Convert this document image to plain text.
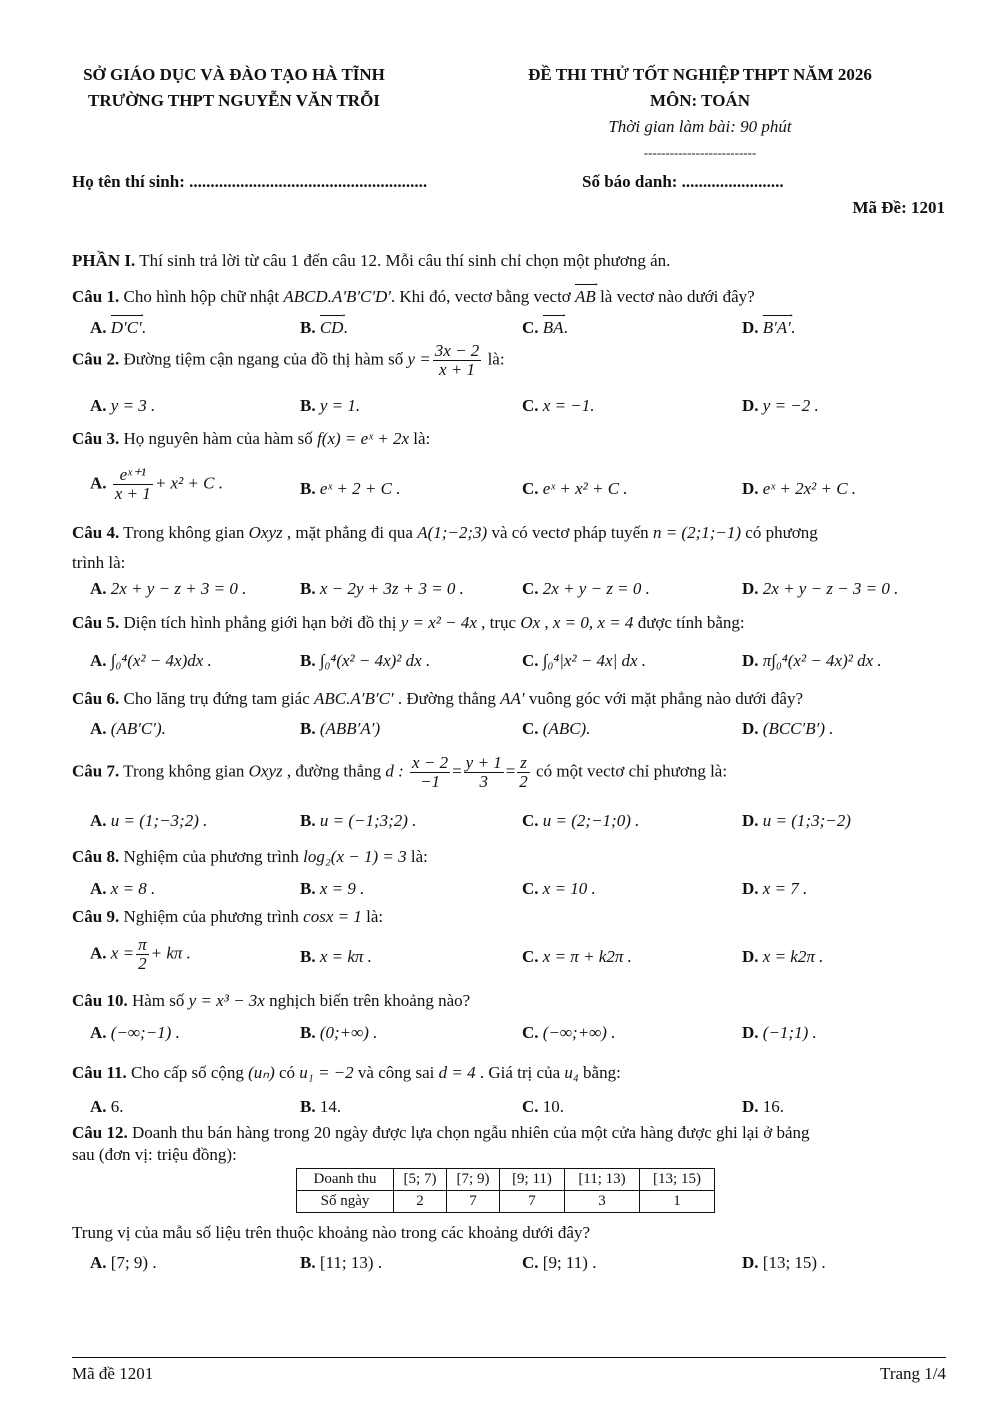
SỞ GIÁO DỤC VÀ ĐÀO TẠO HÀ TĨNH
TRƯỜNG THPT NGUYỄN VĂN TRỖI
ĐỀ THI THỬ TỐT NGHIỆP THPT NĂM 2026
MÔN: TOÁN
Thời gian làm bài: 90 phút
--------------------------
Họ tên thí sinh: ........................................................	Số báo danh: ........................
Mã Đề: 1201
PHẦN I. Thí sinh trả lời từ câu 1 đến câu 12. Mỗi câu thí sinh chỉ chọn một phương án.
Câu 1. Cho hình hộp chữ nhật ABCD.A'B'C'D'. Khi đó, vectơ bằng vectơ AB → là vectơ nào dưới đây?
A. D'C' →.	B. CD →.	C. BA →.	D. B'A' →.
Câu 2. Đường tiệm cận ngang của đồ thị hàm số $y = \frac{3x - 2}{x + 1}$ là:
A. y = 3 .	B. y = 1.	C. x = −1.	D. y = −2 .
Câu 3. Họ nguyên hàm của hàm số f(x) = eˣ + 2x là:
A. $\frac{\text{eˣ⁺¹}}{x + 1} + x^2 + C$ .	B. eˣ + 2 + C .	C. eˣ + x² + C .	D. eˣ + 2x² + C .
Câu 4. Trong không gian Oxyz , mặt phẳng đi qua A(1;−2;3) và có vectơ pháp tuyến n = (2;1;−1) có phương
trình là:
A. 2x + y − z + 3 = 0 .	B. x − 2y + 3z + 3 = 0 .	C. 2x + y − z = 0 .	D. 2x + y − z − 3 = 0 .
Câu 5. Diện tích hình phẳng giới hạn bởi đồ thị y = x² − 4x , trục Ox , x = 0, x = 4 được tính bằng:
A. ∫₀⁴(x² − 4x)dx .	B. ∫₀⁴(x² − 4x)² dx .	C. ∫₀⁴|x² − 4x| dx .	D. π∫₀⁴(x² − 4x)² dx .
Câu 6. Cho lăng trụ đứng tam giác ABC.A′B′C′ . Đường thẳng AA′ vuông góc với mặt phẳng nào dưới đây?
A. (AB′C′).	B. (ABB′A′)	C. (ABC).	D. (BCC′B′) .
Câu 7. Trong không gian Oxyz , đường thẳng d : $\frac{x - 2}{-1} = \frac{y + 1}{3} = \frac{z}{2}$ có một vectơ chỉ phương là:
A. u = (1;−3;2) .	B. u = (−1;3;2) .	C. u = (2;−1;0) .	D. u = (1;3;−2)
Câu 8. Nghiệm của phương trình log₂(x − 1) = 3 là:
A. x = 8 .	B. x = 9 .	C. x = 10 .	D. x = 7 .
Câu 9. Nghiệm của phương trình cosx = 1 là:
A. $x = \frac{\pi}{2} + k\pi$ .	B. x = kπ .	C. x = π + k2π .	D. x = k2π .
Câu 10. Hàm số y = x³ − 3x nghịch biến trên khoảng nào?
A. (−∞;−1) .	B. (0;+∞) .	C. (−∞;+∞) .	D. (−1;1) .
Câu 11. Cho cấp số cộng (uₙ) có u₁ = −2 và công sai d = 4 . Giá trị của u₄ bằng:
A. 6.	B. 14.	C. 10.	D. 16.
Câu 12. Doanh thu bán hàng trong 20 ngày được lựa chọn ngẫu nhiên của một cửa hàng được ghi lại ở bảng
sau (đơn vị: triệu đồng):
Doanh thu	[5; 7)	[7; 9)	[9; 11)	[11; 13)	[13; 15)
Số ngày	2	7	7	3	1
Trung vị của mẫu số liệu trên thuộc khoảng nào trong các khoảng dưới đây?
A. [7; 9) .	B. [11; 13) .	C. [9; 11) .	D. [13; 15) .
Mã đề 1201	Trang 1/4
